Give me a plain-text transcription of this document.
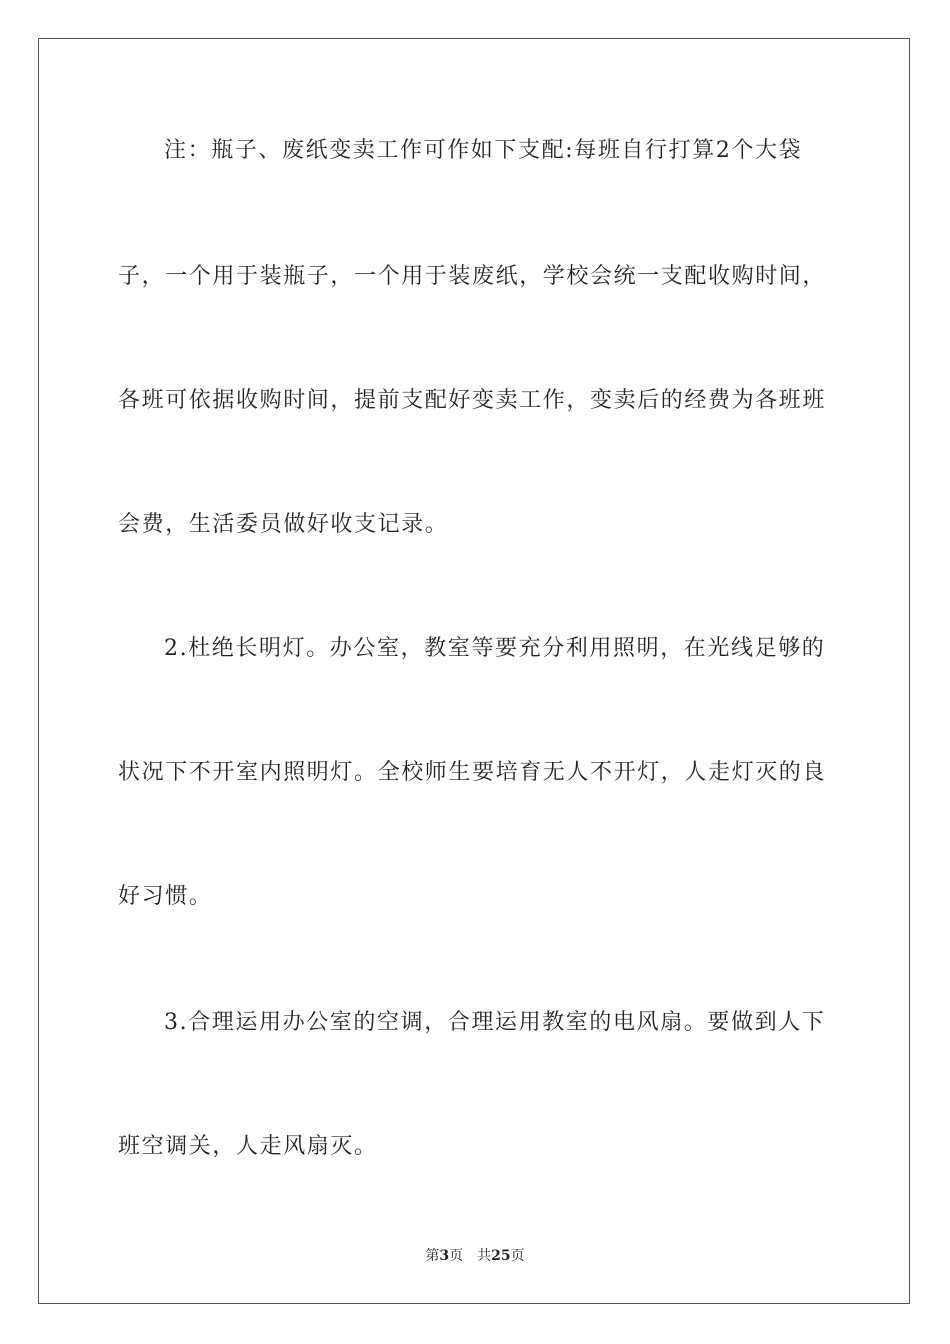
注：瓶子、废纸变卖工作可作如下支配:每班自行打算2个大袋
子，一个用于装瓶子，一个用于装废纸，学校会统一支配收购时间，
各班可依据收购时间，提前支配好变卖工作，变卖后的经费为各班班
会费，生活委员做好收支记录。
2.杜绝长明灯。办公室，教室等要充分利用照明，在光线足够的
状况下不开室内照明灯。全校师生要培育无人不开灯，人走灯灭的良
好习惯。
3.合理运用办公室的空调，合理运用教室的电风扇。要做到人下
班空调关，人走风扇灭。
第3页 共25页
